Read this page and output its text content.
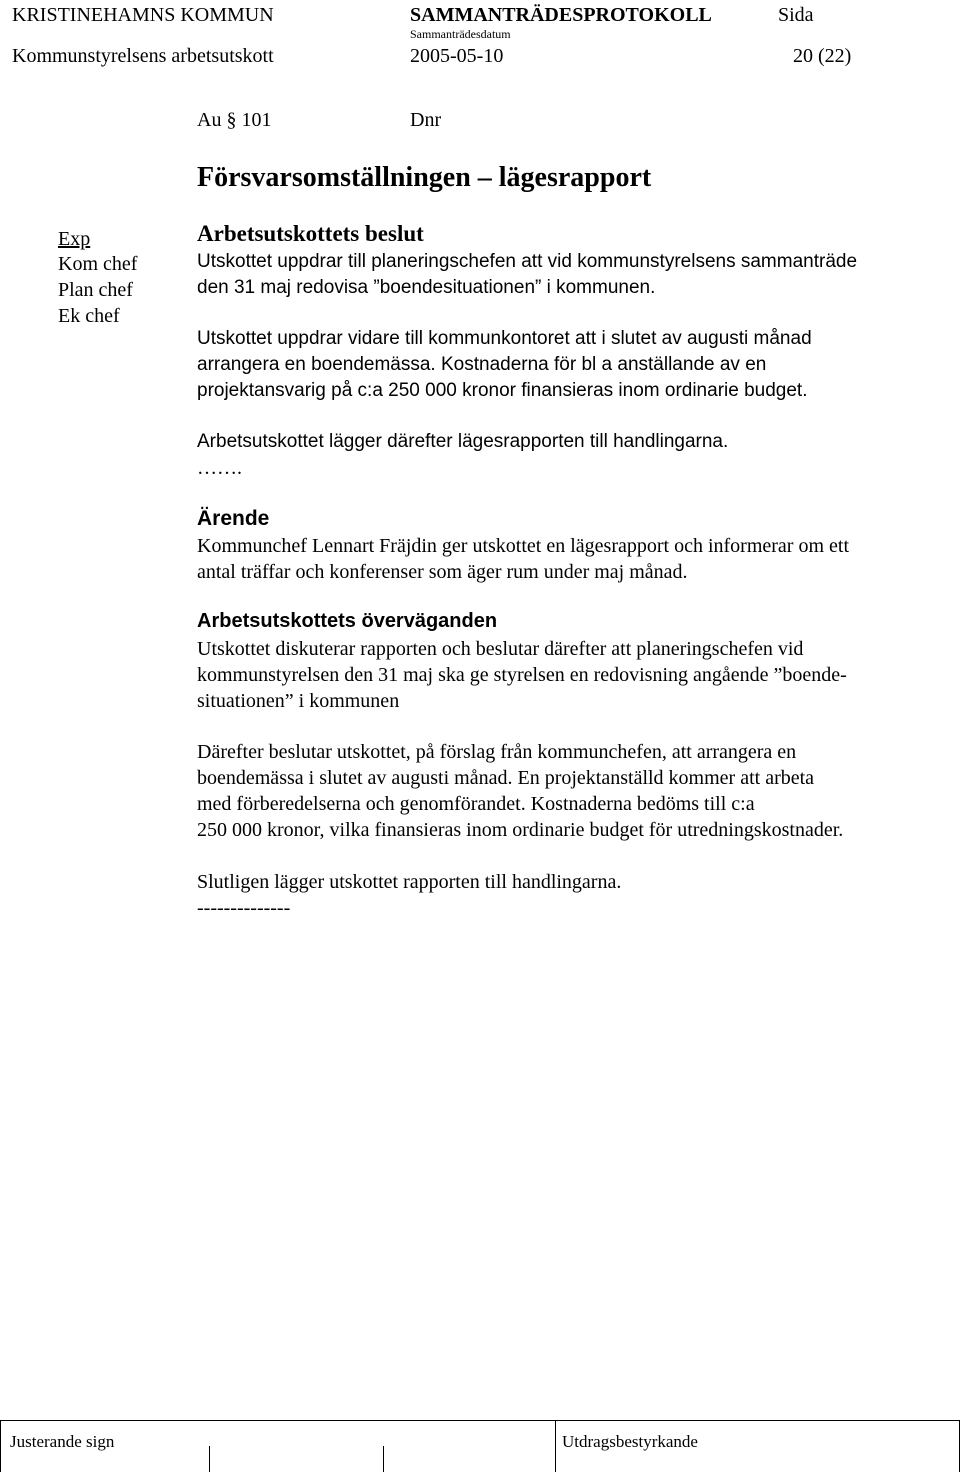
KRISTINEHAMNS KOMMUN	SAMMANTRÄDESPROTOKOLL	Sida
Sammanträdesdatum
Kommunstyrelsens arbetsutskott	2005-05-10	20 (22)
Au § 101	Dnr
Försvarsomställningen – lägesrapport
Exp
Kom chef
Plan chef
Ek chef
Arbetsutskottets beslut
Utskottet uppdrar till planeringschefen att vid kommunstyrelsens sammanträde
den 31 maj redovisa ”boendesituationen” i kommunen.
Utskottet uppdrar vidare till kommunkontoret att i slutet av augusti månad
arrangera en boendemässa. Kostnaderna för bl a anställande av en
projektansvarig på c:a 250 000 kronor finansieras inom ordinarie budget.
Arbetsutskottet lägger därefter lägesrapporten till handlingarna.
…….
Ärende
Kommunchef Lennart Fräjdin ger utskottet en lägesrapport och informerar om ett
antal träffar och konferenser som äger rum under maj månad.
Arbetsutskottets överväganden
Utskottet diskuterar rapporten och beslutar därefter att planeringschefen vid
kommunstyrelsen den 31 maj ska ge styrelsen en redovisning angående ”boende-
situationen” i kommunen
Därefter beslutar utskottet, på förslag från kommunchefen, att arrangera en
boendemässa i slutet av augusti månad. En projektanställd kommer att arbeta
med förberedelserna och genomförandet. Kostnaderna bedöms till c:a
250 000 kronor, vilka finansieras inom ordinarie budget för utredningskostnader.
Slutligen lägger utskottet rapporten till handlingarna.
--------------
Justerande sign	Utdragsbestyrkande
